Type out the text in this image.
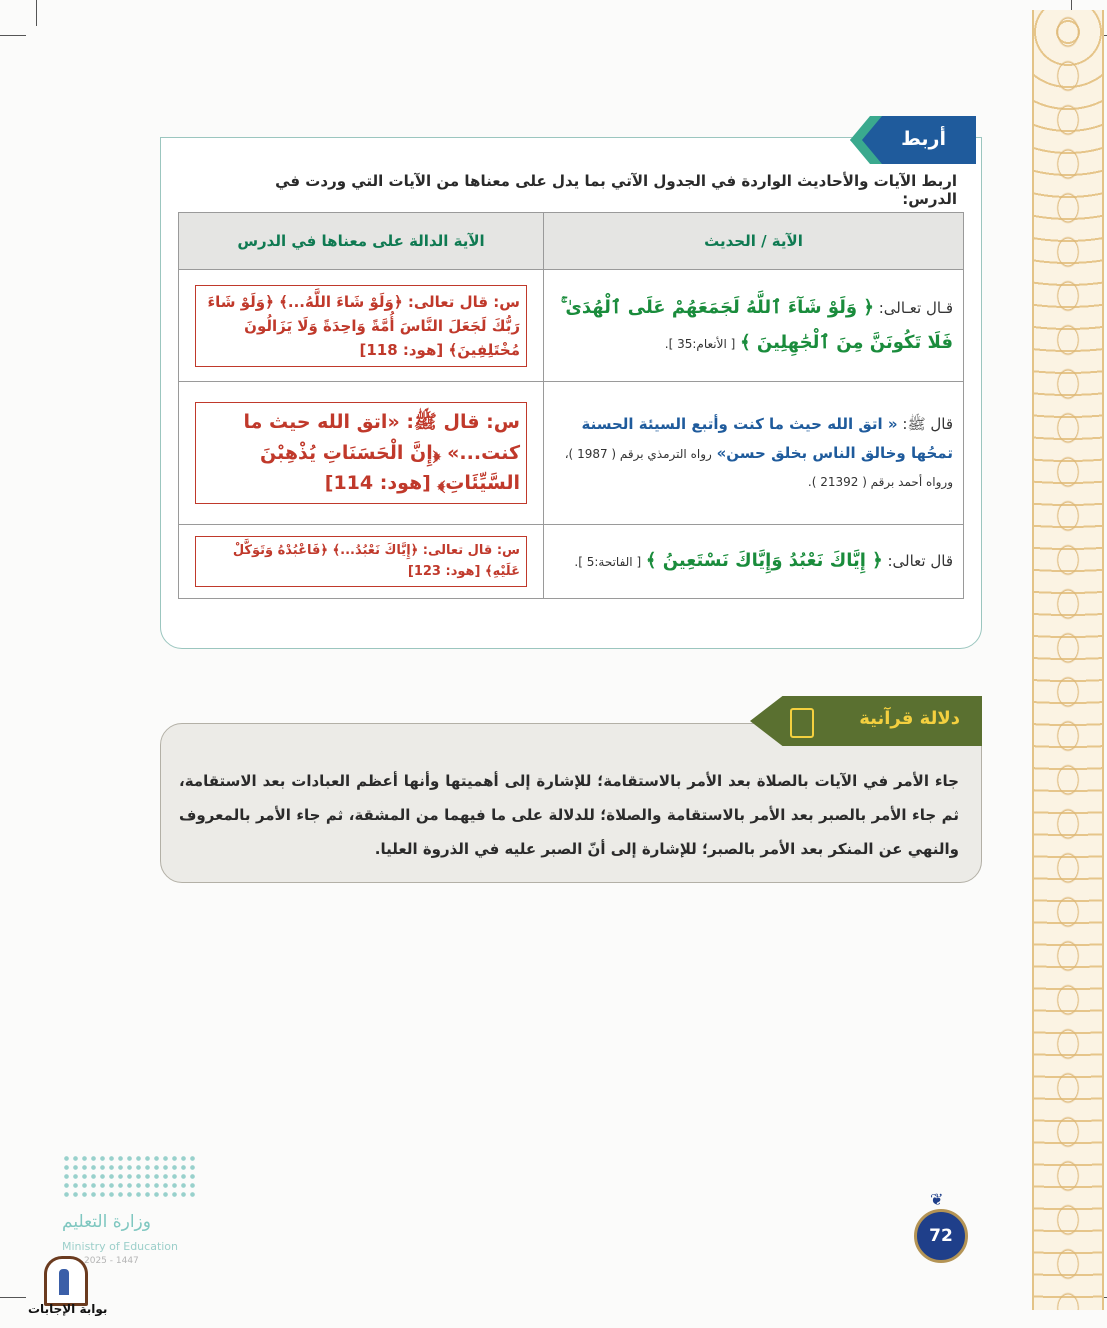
أربط
اربط الآيات والأحاديث الواردة في الجدول الآتي بما يدل على معناها من الآيات التي وردت في الدرس:
الآية / الحديث	الآية الدالة على معناها في الدرس

قـال تعـالى: ﴿ وَلَوْ شَآءَ ٱللَّهُ لَجَمَعَهُمْ عَلَى ٱلْهُدَىٰ ۚ فَلَا تَكُونَنَّ مِنَ ٱلْجَٰهِلِينَ ﴾ [ الأنعام:35 ].	س: قال تعالى: ﴿وَلَوْ شَاءَ اللَّهُ...﴾ ﴿وَلَوْ شَاءَ رَبُّكَ لَجَعَلَ النَّاسَ أُمَّةً وَاحِدَةً وَلَا يَزَالُونَ مُخْتَلِفِينَ﴾ [هود: 118]

قال ﷺ: « اتق الله حيث ما كنت وأتبع السيئة الحسنة تمحُها وخالق الناس بخلق حسن» رواه الترمذي برقم ( 1987 )، ورواه أحمد برقم ( 21392 ).	س: قال ﷺ: «اتق الله حيث ما كنت...» ﴿إِنَّ الْحَسَنَاتِ يُذْهِبْنَ السَّيِّئَاتِ﴾ [هود: 114]

قال تعالى: ﴿ إِيَّاكَ نَعْبُدُ وَإِيَّاكَ نَسْتَعِينُ ﴾ [ الفاتحة:5 ].	س: قال تعالى: ﴿إِيَّاكَ نَعْبُدُ...﴾ ﴿فَاعْبُدْهُ وَتَوَكَّلْ عَلَيْهِ﴾ [هود: 123]
دلالة قرآنية
جاء الأمر في الآيات بالصلاة بعد الأمر بالاستقامة؛ للإشارة إلى أهميتها وأنها أعظم العبادات بعد الاستقامة، ثم جاء الأمر بالصبر بعد الأمر بالاستقامة والصلاة؛ للدلالة على ما فيهما من المشقة، ثم جاء الأمر بالمعروف والنهي عن المنكر بعد الأمر بالصبر؛ للإشارة إلى أنّ الصبر عليه في الذروة العليا.
❦
72
وزارة التعليم
Ministry of Education
2025 - 1447
بوابة الإجابات
